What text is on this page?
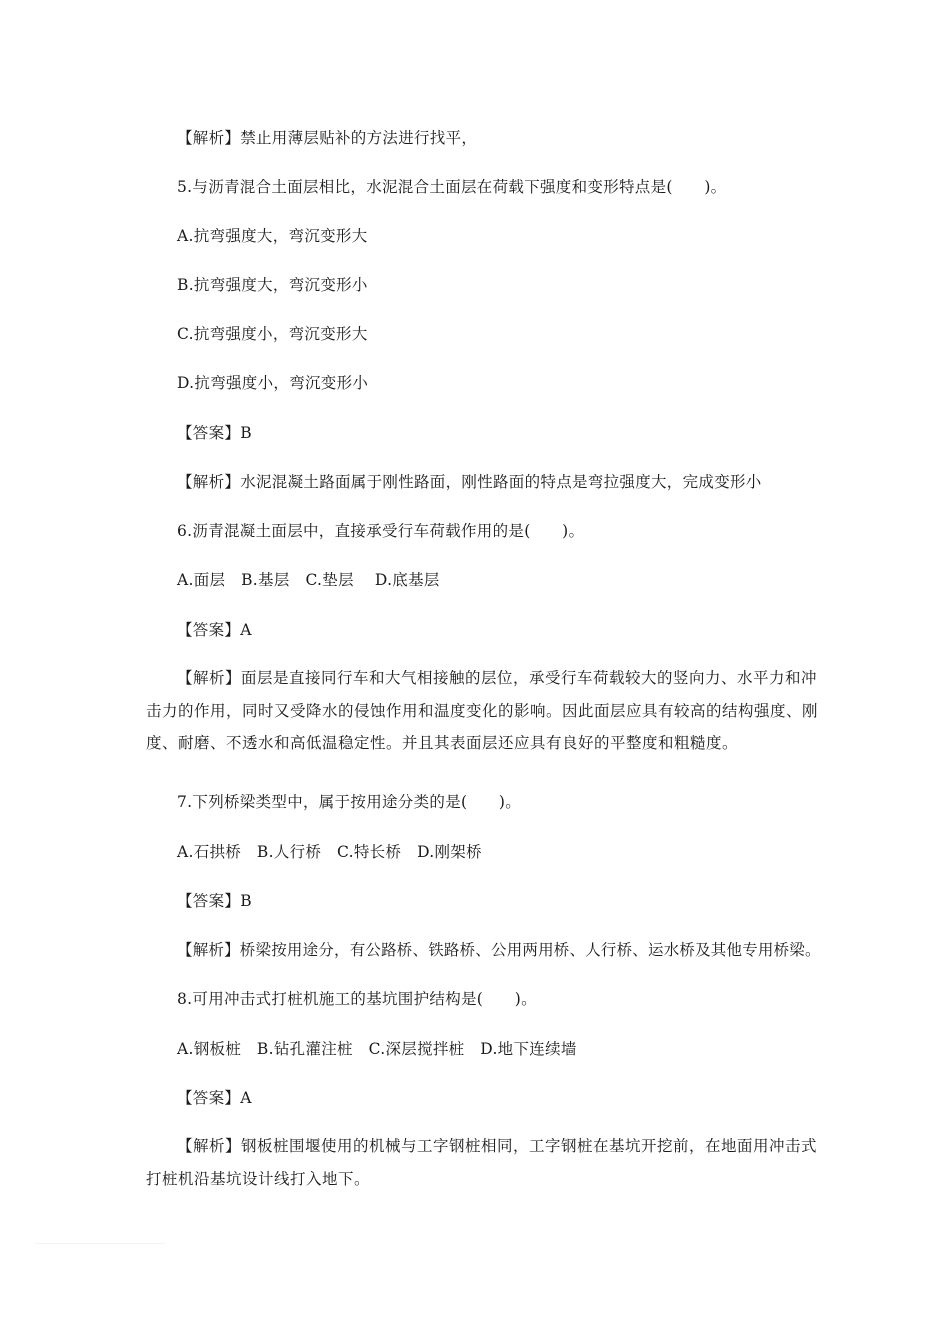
【解析】禁止用薄层贴补的方法进行找平，
5.与沥青混合土面层相比，水泥混合土面层在荷载下强度和变形特点是(　　)。
A.抗弯强度大，弯沉变形大
B.抗弯强度大，弯沉变形小
C.抗弯强度小，弯沉变形大
D.抗弯强度小，弯沉变形小
【答案】B
【解析】水泥混凝土路面属于刚性路面，刚性路面的特点是弯拉强度大，完成变形小
6.沥青混凝土面层中，直接承受行车荷载作用的是(　　)。
A.面层　B.基层　C.垫层　 D.底基层
【答案】A
【解析】面层是直接同行车和大气相接触的层位，承受行车荷载较大的竖向力、水平力和冲击力的作用，同时又受降水的侵蚀作用和温度变化的影响。因此面层应具有较高的结构强度、刚度、耐磨、不透水和高低温稳定性。并且其表面层还应具有良好的平整度和粗糙度。
7.下列桥梁类型中，属于按用途分类的是(　　)。
A.石拱桥　B.人行桥　C.特长桥　D.刚架桥
【答案】B
【解析】桥梁按用途分，有公路桥、铁路桥、公用两用桥、人行桥、运水桥及其他专用桥梁。
8.可用冲击式打桩机施工的基坑围护结构是(　　)。
A.钢板桩　B.钻孔灌注桩　C.深层搅拌桩　D.地下连续墙
【答案】A
【解析】钢板桩围堰使用的机械与工字钢桩相同，工字钢桩在基坑开挖前，在地面用冲击式打桩机沿基坑设计线打入地下。
